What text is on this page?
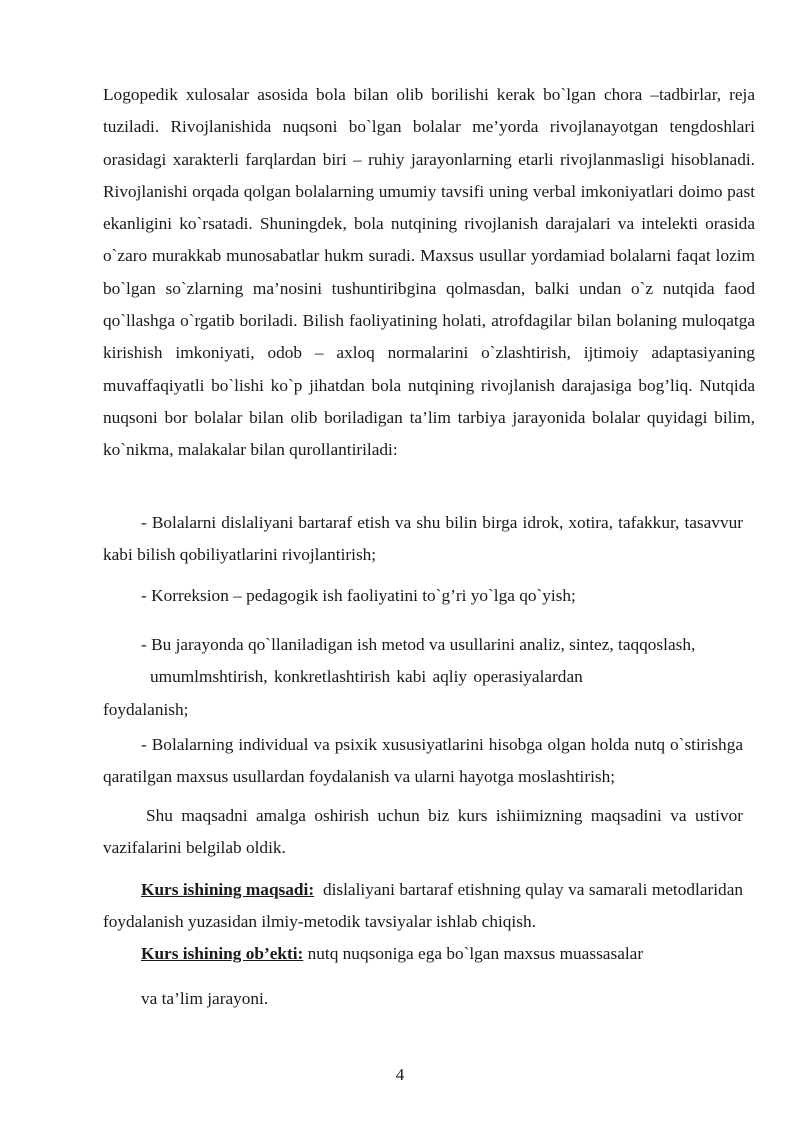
Logopedik xulosalar asosida bola bilan olib borilishi kerak bo`lgan chora –tadbirlar, reja tuziladi. Rivojlanishida nuqsoni bo`lgan bolalar me’yorda rivojlanayotgan tengdoshlari orasidagi xarakterli farqlardan biri – ruhiy jarayonlarning etarli rivojlanmasligi hisoblanadi. Rivojlanishi orqada qolgan bolalarning umumiy tavsifi uning verbal imkoniyatlari doimo past ekanligini ko`rsatadi. Shuningdek, bola nutqining rivojlanish darajalari va intelekti orasida o`zaro murakkab munosabatlar hukm suradi. Maxsus usullar yordamiad bolalarni faqat lozim bo`lgan so`zlarning ma’nosini tushuntiribgina qolmasdan, balki undan o`z nutqida faod qo`llashga o`rgatib boriladi. Bilish faoliyatining holati, atrofdagilar bilan bolaning muloqatga kirishish imkoniyati, odob – axloq normalarini o`zlashtirish, ijtimoiy adaptasiyaning muvaffaqiyatli bo`lishi ko`p jihatdan bola nutqining rivojlanish darajasiga bog’liq. Nutqida nuqsoni bor bolalar bilan olib boriladigan ta’lim tarbiya jarayonida bolalar quyidagi bilim, ko`nikma, malakalar bilan qurollantiriladi:

- Bolalarni dislaliyani bartaraf etish va shu bilin birga idrok, xotira, tafakkur, tasavvur kabi bilish qobiliyatlarini rivojlantirish;

- Korreksion – pedagogik ish faoliyatini to`g’ri yo`lga qo`yish;

- Bu jarayonda qo`llaniladigan ish metod va usullarini analiz, sintez, taqqoslash,

umumlmshtirish, konkretlashtirish kabi aqliy operasiyalardan

foydalanish;

- Bolalarning individual va psixik xususiyatlarini hisobga olgan holda nutq o`stirishga qaratilgan maxsus usullardan foydalanish va ularni hayotga moslashtirish;

Shu maqsadni amalga oshirish uchun biz kurs ishiimizning maqsadini va ustivor vazifalarini belgilab oldik.

Kurs ishining maqsadi: dislaliyani bartaraf etishning qulay va samarali metodlaridan foydalanish yuzasidan ilmiy-metodik tavsiyalar ishlab chiqish.

Kurs ishining ob’ekti: nutq nuqsoniga ega bo`lgan maxsus muassasalar

va ta’lim jarayoni.

4
